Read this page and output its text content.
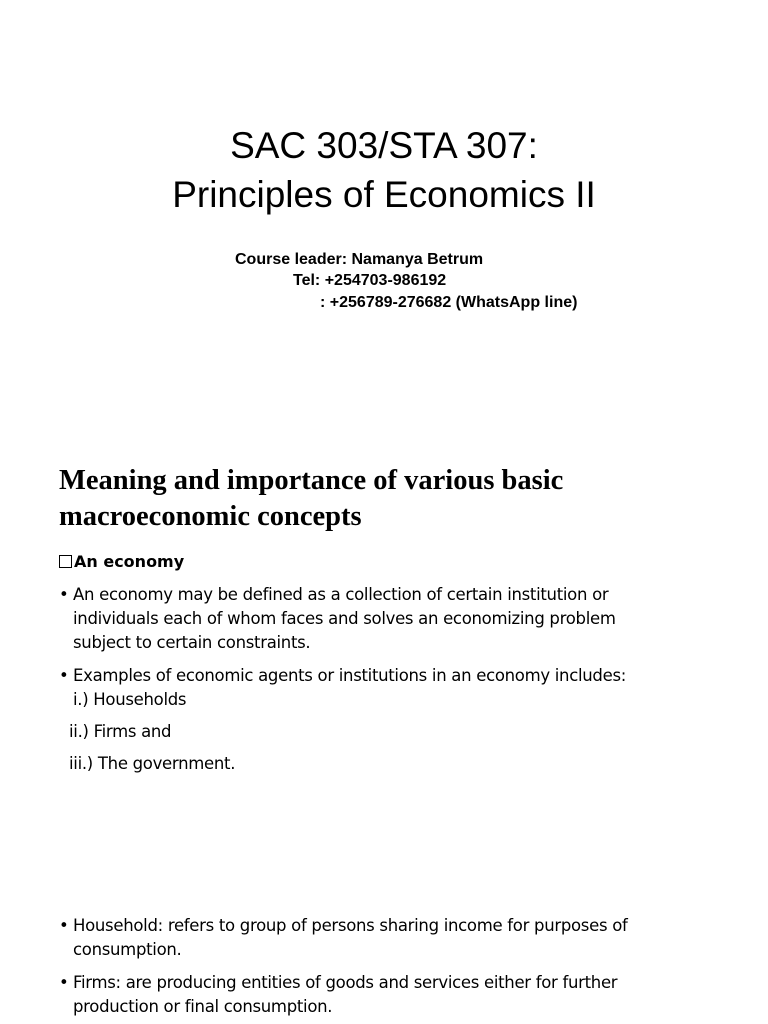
SAC 303/STA 307:
Principles of Economics II
Course leader: Namanya Betrum
Tel: +254703-986192
: +256789-276682 (WhatsApp line)
Meaning and importance of various basic
macroeconomic concepts
An economy
• An economy may be defined as a collection of certain institution or
individuals each of whom faces and solves an economizing problem
subject to certain constraints.
• Examples of economic agents or institutions in an economy includes:
i.) Households
ii.) Firms and
iii.) The government.
• Household: refers to group of persons sharing income for purposes of
consumption.
• Firms: are producing entities of goods and services either for further
production or final consumption.
